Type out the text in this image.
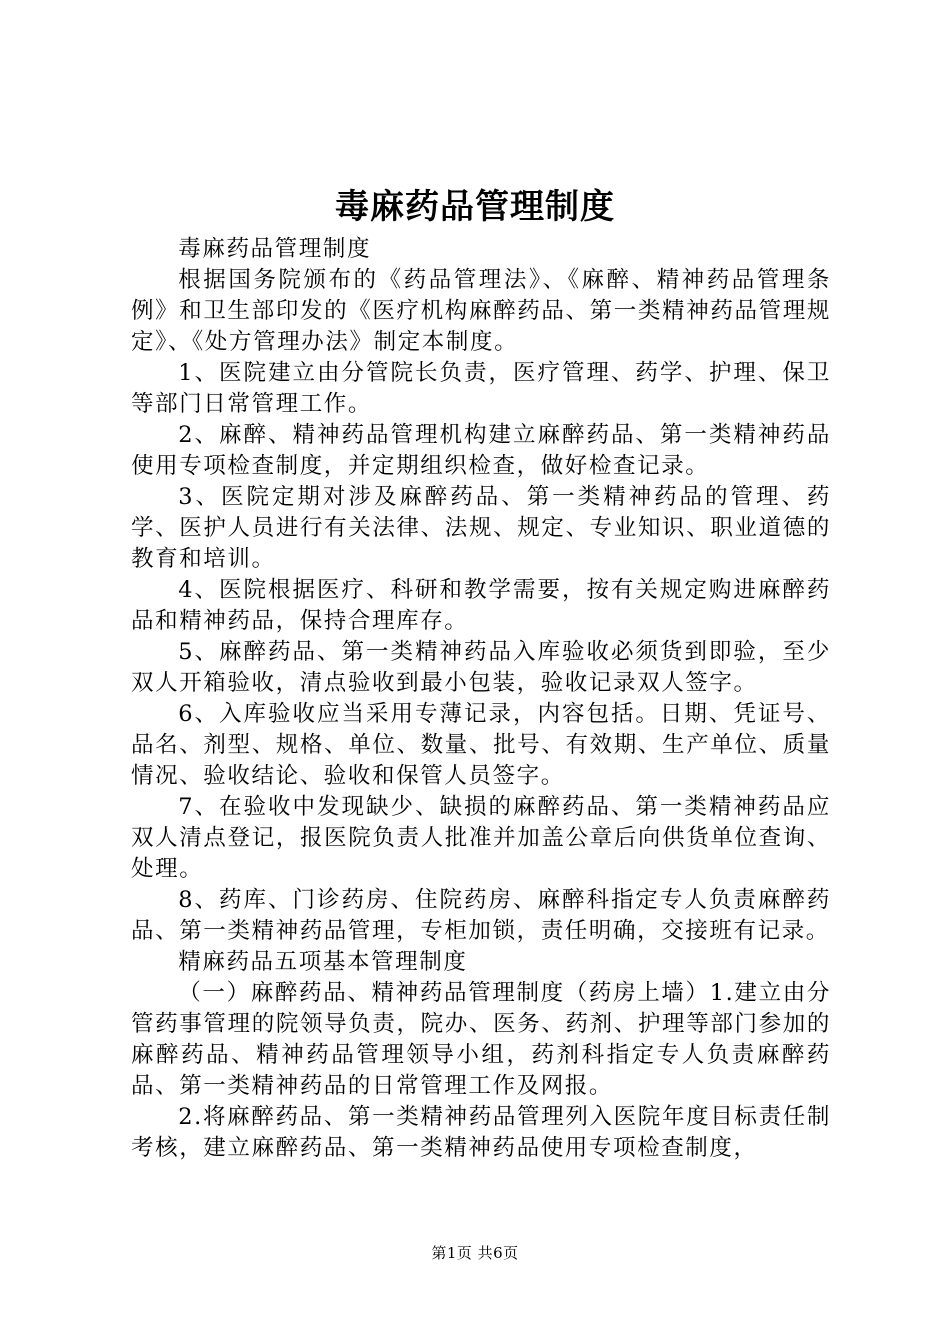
毒麻药品管理制度

毒麻药品管理制度

根据国务院颁布的《药品管理法》、《麻醉、精神药品管理条例》和卫生部印发的《医疗机构麻醉药品、第一类精神药品管理规定》、《处方管理办法》制定本制度。

1、医院建立由分管院长负责，医疗管理、药学、护理、保卫等部门日常管理工作。

2、麻醉、精神药品管理机构建立麻醉药品、第一类精神药品使用专项检查制度，并定期组织检查，做好检查记录。

3、医院定期对涉及麻醉药品、第一类精神药品的管理、药学、医护人员进行有关法律、法规、规定、专业知识、职业道德的教育和培训。

4、医院根据医疗、科研和教学需要，按有关规定购进麻醉药品和精神药品，保持合理库存。

5、麻醉药品、第一类精神药品入库验收必须货到即验，至少双人开箱验收，清点验收到最小包装，验收记录双人签字。

6、入库验收应当采用专薄记录，内容包括。日期、凭证号、品名、剂型、规格、单位、数量、批号、有效期、生产单位、质量情况、验收结论、验收和保管人员签字。

7、在验收中发现缺少、缺损的麻醉药品、第一类精神药品应双人清点登记，报医院负责人批准并加盖公章后向供货单位查询、处理。

8、药库、门诊药房、住院药房、麻醉科指定专人负责麻醉药品、第一类精神药品管理，专柜加锁，责任明确，交接班有记录。

精麻药品五项基本管理制度

（一）麻醉药品、精神药品管理制度（药房上墙）1.建立由分管药事管理的院领导负责，院办、医务、药剂、护理等部门参加的麻醉药品、精神药品管理领导小组，药剂科指定专人负责麻醉药品、第一类精神药品的日常管理工作及网报。

2.将麻醉药品、第一类精神药品管理列入医院年度目标责任制考核，建立麻醉药品、第一类精神药品使用专项检查制度，

第1页 共6页
